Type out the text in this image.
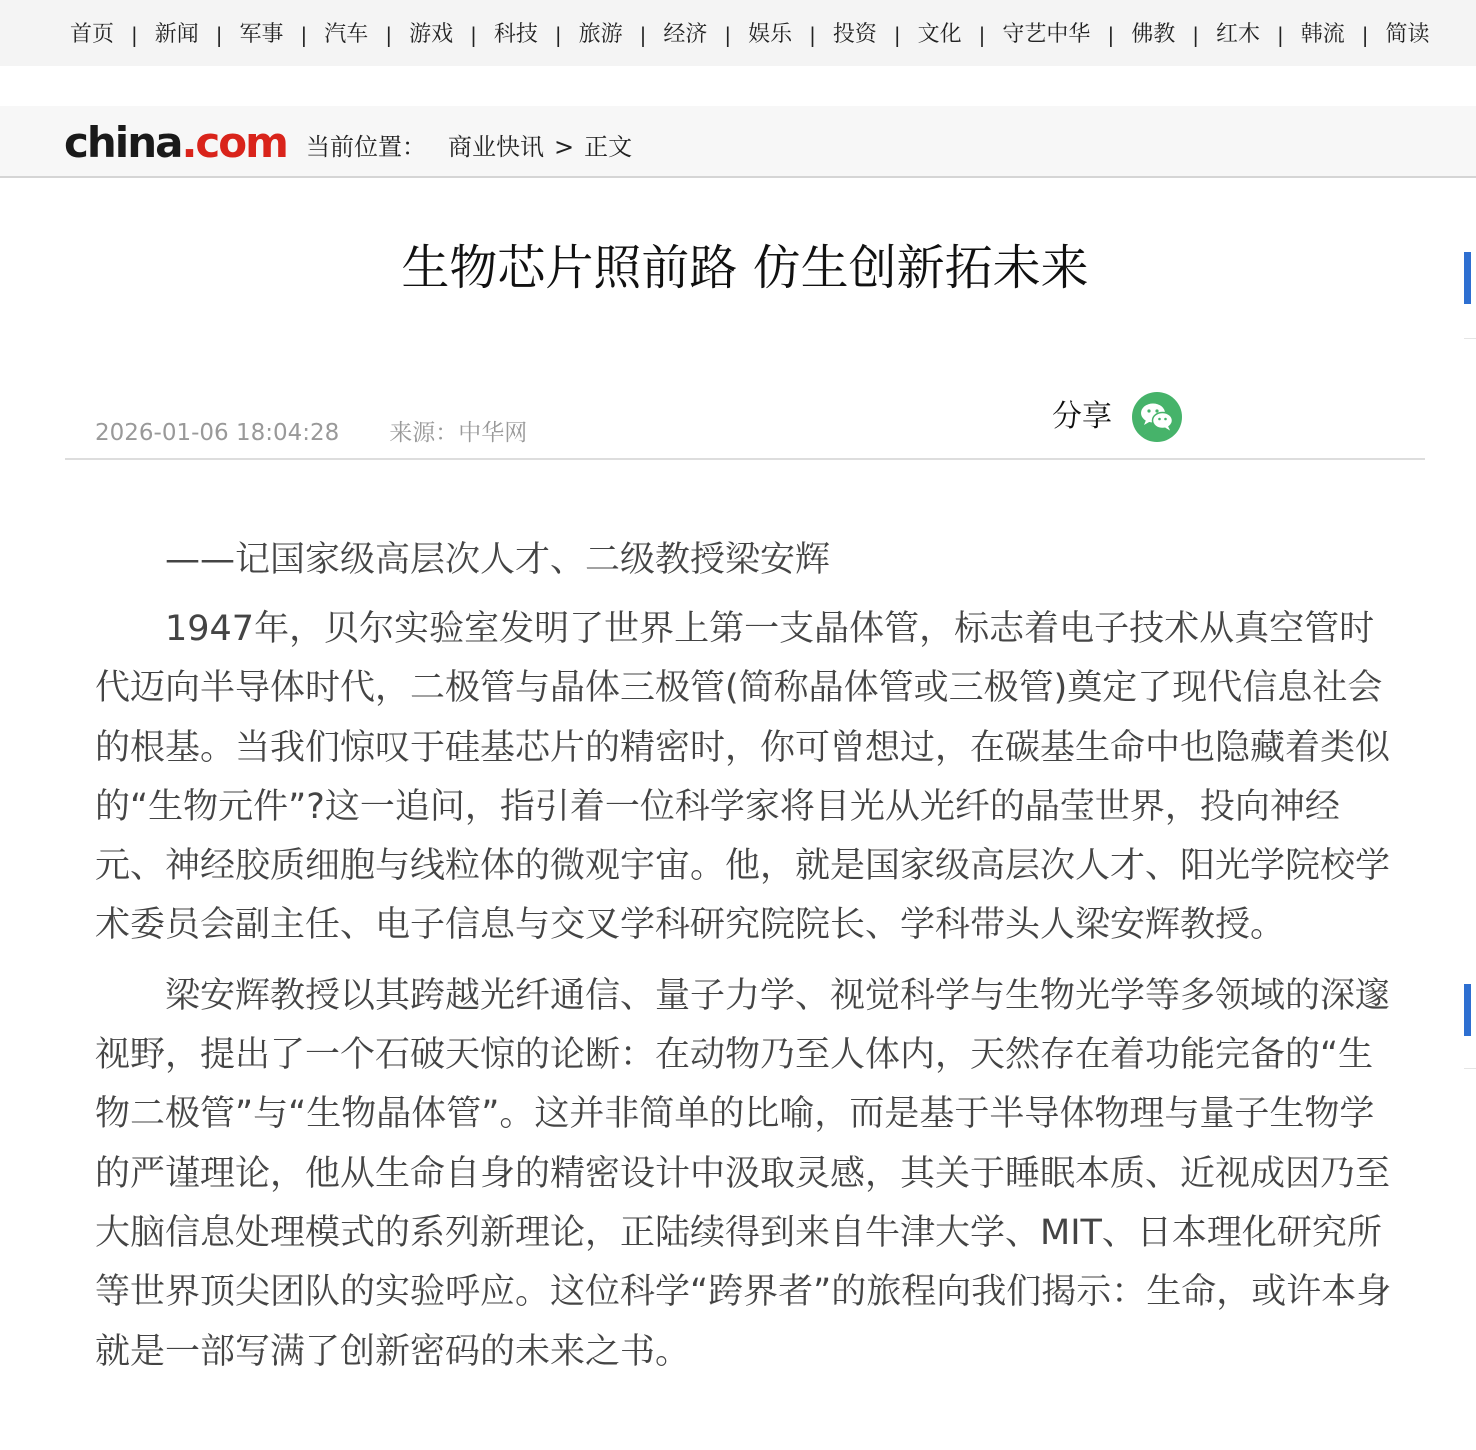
首页 | 新闻 | 军事 | 汽车 | 游戏 | 科技 | 旅游 | 经济 | 娱乐 | 投资 | 文化 | 守艺中华 | 佛教 | 红木 | 韩流 | 简读
china.com 当前位置： 商业快讯 > 正文
生物芯片照前路 仿生创新拓未来
2026-01-06 18:04:28 来源：中华网	分享

——记国家级高层次人才、二级教授梁安辉

1947年，贝尔实验室发明了世界上第一支晶体管，标志着电子技术从真空管时代迈向半导体时代，二极管与晶体三极管(简称晶体管或三极管)奠定了现代信息社会的根基。当我们惊叹于硅基芯片的精密时，你可曾想过，在碳基生命中也隐藏着类似的“生物元件”?这一追问，指引着一位科学家将目光从光纤的晶莹世界，投向神经元、神经胶质细胞与线粒体的微观宇宙。他，就是国家级高层次人才、阳光学院校学术委员会副主任、电子信息与交叉学科研究院院长、学科带头人梁安辉教授。

梁安辉教授以其跨越光纤通信、量子力学、视觉科学与生物光学等多领域的深邃视野，提出了一个石破天惊的论断：在动物乃至人体内，天然存在着功能完备的“生物二极管”与“生物晶体管”。这并非简单的比喻，而是基于半导体物理与量子生物学的严谨理论，他从生命自身的精密设计中汲取灵感，其关于睡眠本质、近视成因乃至大脑信息处理模式的系列新理论，正陆续得到来自牛津大学、MIT、日本理化研究所等世界顶尖团队的实验呼应。这位科学“跨界者”的旅程向我们揭示：生命，或许本身就是一部写满了创新密码的未来之书。
